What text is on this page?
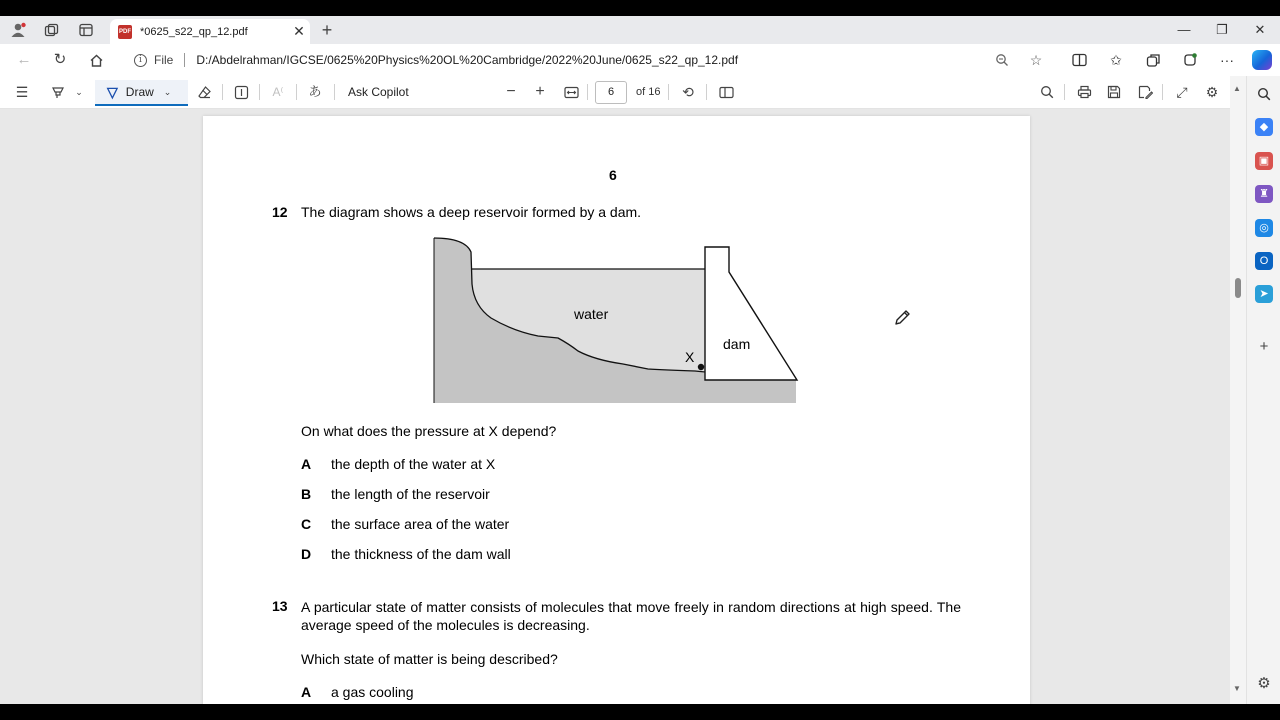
PDF *0625_s22_qp_12.pdf	✕ +	—	❐	✕
←	↻	i	File D:/Abdelrahman/IGCSE/0625%20Physics%20OL%20Cambridge/2022%20June/0625_s22_qp_12.pdf	☆	✩	···
☰	⌄ ▽ Draw ⌄	A⁽	あ Ask Copilot	−	+	6	of 16 ⟲	⤢	⚙
6
12 The diagram shows a deep reservoir formed by a dam.
water
dam
X
On what does the pressure at X depend?
A the depth of the water at X
B the length of the reservoir
C the surface area of the water
D the thickness of the dam wall
13 A particular state of matter consists of molecules that move freely in random directions at high speed. The average speed of the molecules is decreasing.
Which state of matter is being described?
A a gas cooling
▲
▼
◆
▣
♜
◎
O
➤
+
⚙
